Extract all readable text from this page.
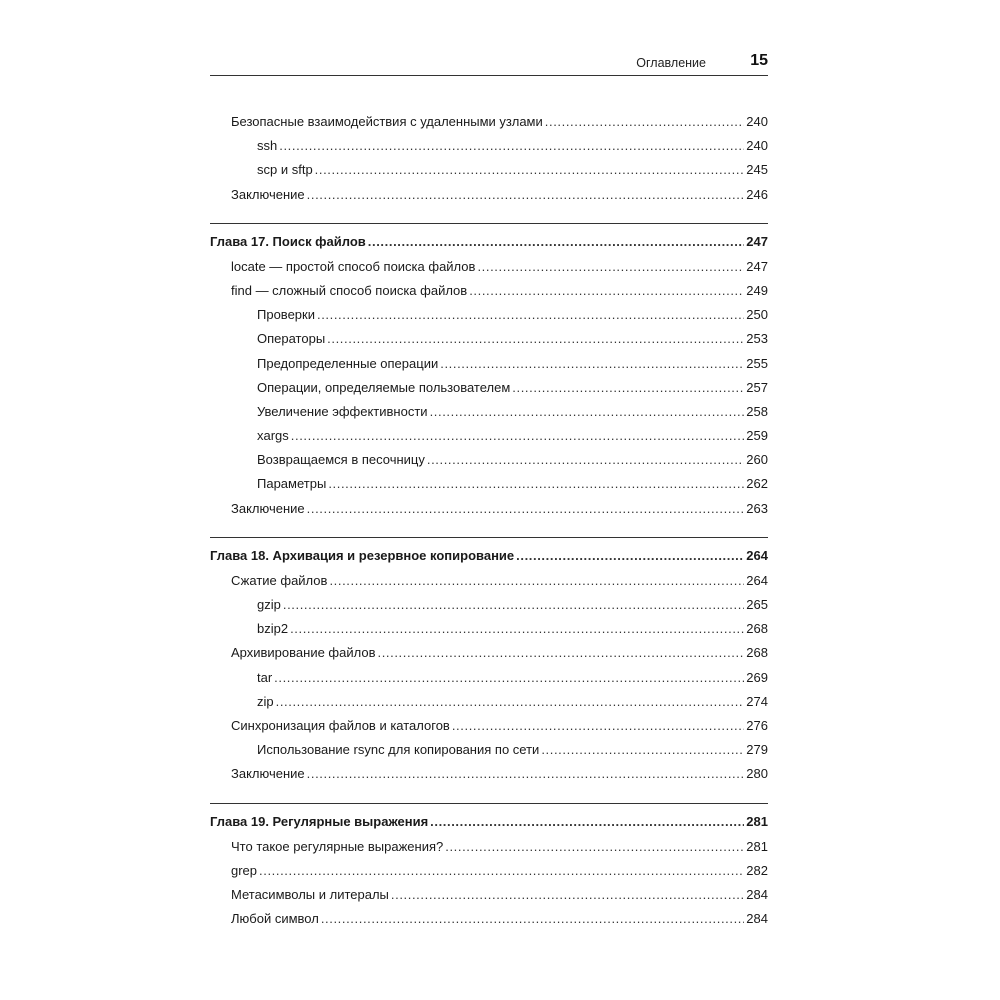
Оглавление	15
Безопасные взаимодействия с удаленными узлами .....	240
ssh .....	240
scp и sftp .....	245
Заключение .....	246
Глава 17. Поиск файлов .....	247
locate — простой способ поиска файлов .....	247
find — сложный способ поиска файлов .....	249
Проверки .....	250
Операторы .....	253
Предопределенные операции .....	255
Операции, определяемые пользователем .....	257
Увеличение эффективности .....	258
xargs .....	259
Возвращаемся в песочницу .....	260
Параметры .....	262
Заключение .....	263
Глава 18. Архивация и резервное копирование .....	264
Сжатие файлов .....	264
gzip .....	265
bzip2 .....	268
Архивирование файлов .....	268
tar .....	269
zip .....	274
Синхронизация файлов и каталогов .....	276
Использование rsync для копирования по сети .....	279
Заключение .....	280
Глава 19. Регулярные выражения .....	281
Что такое регулярные выражения? .....	281
grep .....	282
Метасимволы и литералы .....	284
Любой символ .....	284
